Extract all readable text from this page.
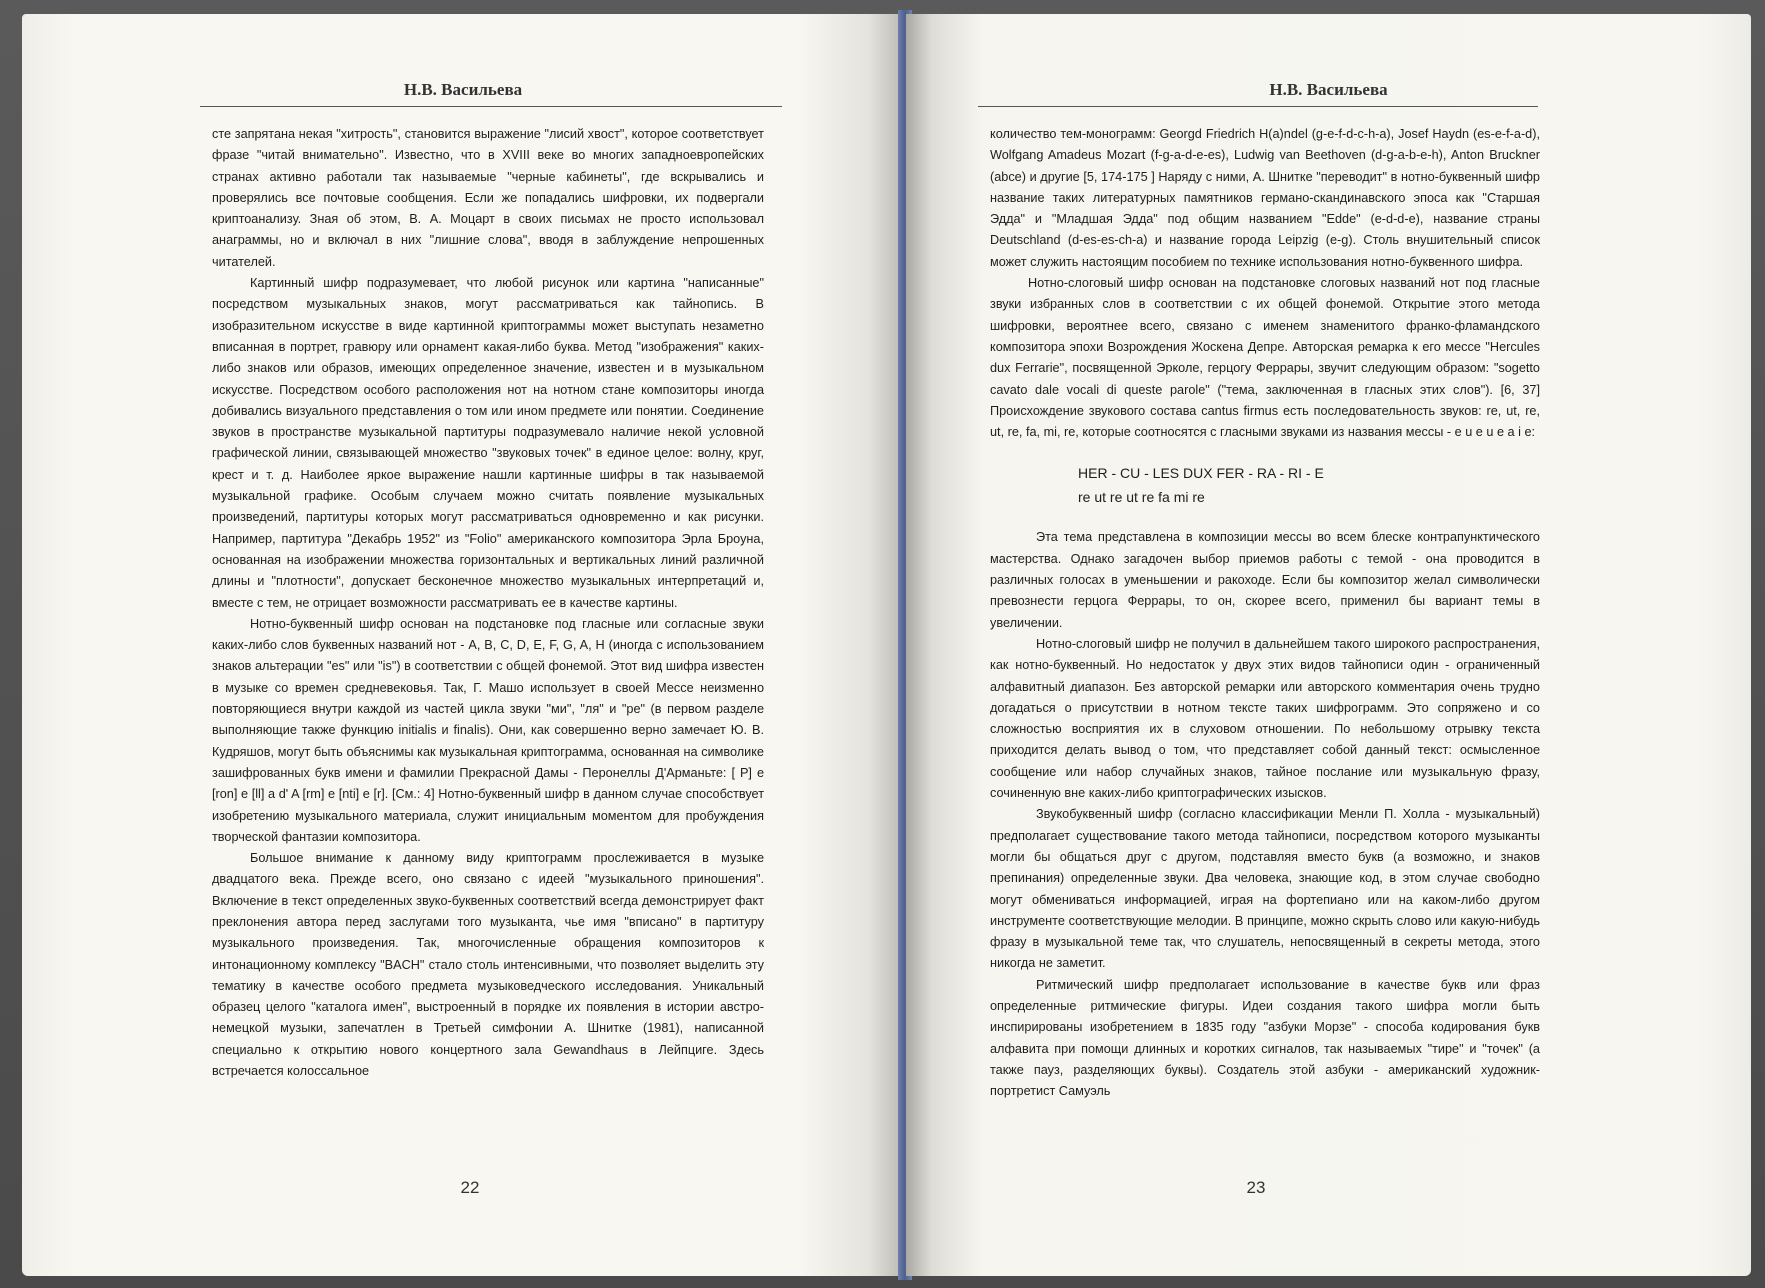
Н.В. Васильева

сте запрятана некая "хитрость", становится выражение "лисий хвост", которое соответствует фразе "читай внимательно". Известно, что в XVIII веке во многих западноевропейских странах активно работали так называемые "черные кабинеты", где вскрывались и проверялись все почтовые сообщения. Если же попадались шифровки, их подвергали криптоанализу. Зная об этом, В. А. Моцарт в своих письмах не просто использовал анаграммы, но и включал в них "лишние слова", вводя в заблуждение непрошенных читателей.

Картинный шифр подразумевает, что любой рисунок или картина "написанные" посредством музыкальных знаков, могут рассматриваться как тайнопись. В изобразительном искусстве в виде картинной криптограммы может выступать незаметно вписанная в портрет, гравюру или орнамент какая-либо буква. Метод "изображения" каких-либо знаков или образов, имеющих определенное значение, известен и в музыкальном искусстве. Посредством особого расположения нот на нотном стане композиторы иногда добивались визуального представления о том или ином предмете или понятии. Соединение звуков в пространстве музыкальной партитуры подразумевало наличие некой условной графической линии, связывающей множество "звуковых точек" в единое целое: волну, круг, крест и т. д. Наиболее яркое выражение нашли картинные шифры в так называемой музыкальной графике. Особым случаем можно считать появление музыкальных произведений, партитуры которых могут рассматриваться одновременно и как рисунки. Например, партитура "Декабрь 1952" из "Folio" американского композитора Эрла Броуна, основанная на изображении множества горизонтальных и вертикальных линий различной длины и "плотности", допускает бесконечное множество музыкальных интерпретаций и, вместе с тем, не отрицает возможности рассматривать ее в качестве картины.

Нотно-буквенный шифр основан на подстановке под гласные или согласные звуки каких-либо слов буквенных названий нот - A, B, C, D, E, F, G, A, H (иногда с использованием знаков альтерации "es" или "is") в соответствии с общей фонемой. Этот вид шифра известен в музыке со времен средневековья. Так, Г. Машо использует в своей Мессе неизменно повторяющиеся внутри каждой из частей цикла звуки "ми", "ля" и "ре" (в первом разделе выполняющие также функцию initialis и finalis). Они, как совершенно верно замечает Ю. В. Кудряшов, могут быть объяснимы как музыкальная криптограмма, основанная на символике зашифрованных букв имени и фамилии Прекрасной Дамы - Перонеллы Д'Арманьте: [ P] e [ron] e [ll] a d' A [rm] e [nti] e [r]. [См.: 4] Нотно-буквенный шифр в данном случае способствует изобретению музыкального материала, служит инициальным моментом для пробуждения творческой фантазии композитора.

Большое внимание к данному виду криптограмм прослеживается в музыке двадцатого века. Прежде всего, оно связано с идеей "музыкального приношения". Включение в текст определенных звуко-буквенных соответствий всегда демонстрирует факт преклонения автора перед заслугами того музыканта, чье имя "вписано" в партитуру музыкального произведения. Так, многочисленные обращения композиторов к интонационному комплексу "BACH" стало столь интенсивными, что позволяет выделить эту тематику в качестве особого предмета музыковедческого исследования. Уникальный образец целого "каталога имен", выстроенный в порядке их появления в истории австро-немецкой музыки, запечатлен в Третьей симфонии А. Шнитке (1981), написанной специально к открытию нового концертного зала Gewandhaus в Лейпциге. Здесь встречается колоссальное

22
Н.В. Васильева

количество тем-монограмм: Georgd Friedrich H(a)ndel (g-e-f-d-c-h-a), Josef Haydn (es-e-f-a-d), Wolfgang Amadeus Mozart (f-g-a-d-e-es), Ludwig van Beethoven (d-g-a-b-e-h), Anton Bruckner (abce) и другие [5, 174-175 ] Наряду с ними, А. Шнитке "переводит" в нотно-буквенный шифр название таких литературных памятников германо-скандинавского эпоса как "Старшая Эдда" и "Младшая Эдда" под общим названием "Edde" (e-d-d-e), название страны Deutschland (d-es-es-ch-a) и название города Leipzig (e-g). Столь внушительный список может служить настоящим пособием по технике использования нотно-буквенного шифра.

Нотно-слоговый шифр основан на подстановке слоговых названий нот под гласные звуки избранных слов в соответствии с их общей фонемой. Открытие этого метода шифровки, вероятнее всего, связано с именем знаменитого франко-фламандского композитора эпохи Возрождения Жоскена Депре. Авторская ремарка к его мессе "Hercules dux Ferrarie", посвященной Эрколе, герцогу Феррары, звучит следующим образом: "sogetto cavato dale vocali di queste parole" ("тема, заключенная в гласных этих слов"). [6, 37] Происхождение звукового состава cantus firmus есть последовательность звуков: re, ut, re, ut, re, fa, mi, re, которые соотносятся с гласными звуками из названия мессы - e u e u e a i e:

HER - CU - LES DUX FER - RA - RI - E
re ut re ut re fa mi re

Эта тема представлена в композиции мессы во всем блеске контрапунктического мастерства. Однако загадочен выбор приемов работы с темой - она проводится в различных голосах в уменьшении и ракоходе. Если бы композитор желал символически превознести герцога Феррары, то он, скорее всего, применил бы вариант темы в увеличении.

Нотно-слоговый шифр не получил в дальнейшем такого широкого распространения, как нотно-буквенный. Но недостаток у двух этих видов тайнописи один - ограниченный алфавитный диапазон. Без авторской ремарки или авторского комментария очень трудно догадаться о присутствии в нотном тексте таких шифрограмм. Это сопряжено и со сложностью восприятия их в слуховом отношении. По небольшому отрывку текста приходится делать вывод о том, что представляет собой данный текст: осмысленное сообщение или набор случайных знаков, тайное послание или музыкальную фразу, сочиненную вне каких-либо криптографических изысков.

Звукобуквенный шифр (согласно классификации Менли П. Холла - музыкальный) предполагает существование такого метода тайнописи, посредством которого музыканты могли бы общаться друг с другом, подставляя вместо букв (а возможно, и знаков препинания) определенные звуки. Два человека, знающие код, в этом случае свободно могут обмениваться информацией, играя на фортепиано или на каком-либо другом инструменте соответствующие мелодии. В принципе, можно скрыть слово или какую-нибудь фразу в музыкальной теме так, что слушатель, непосвященный в секреты метода, этого никогда не заметит.

Ритмический шифр предполагает использование в качестве букв или фраз определенные ритмические фигуры. Идеи создания такого шифра могли быть инспирированы изобретением в 1835 году "азбуки Морзе" - способа кодирования букв алфавита при помощи длинных и коротких сигналов, так называемых "тире" и "точек" (а также пауз, разделяющих буквы). Создатель этой азбуки - американский художник-портретист Самуэль

23
